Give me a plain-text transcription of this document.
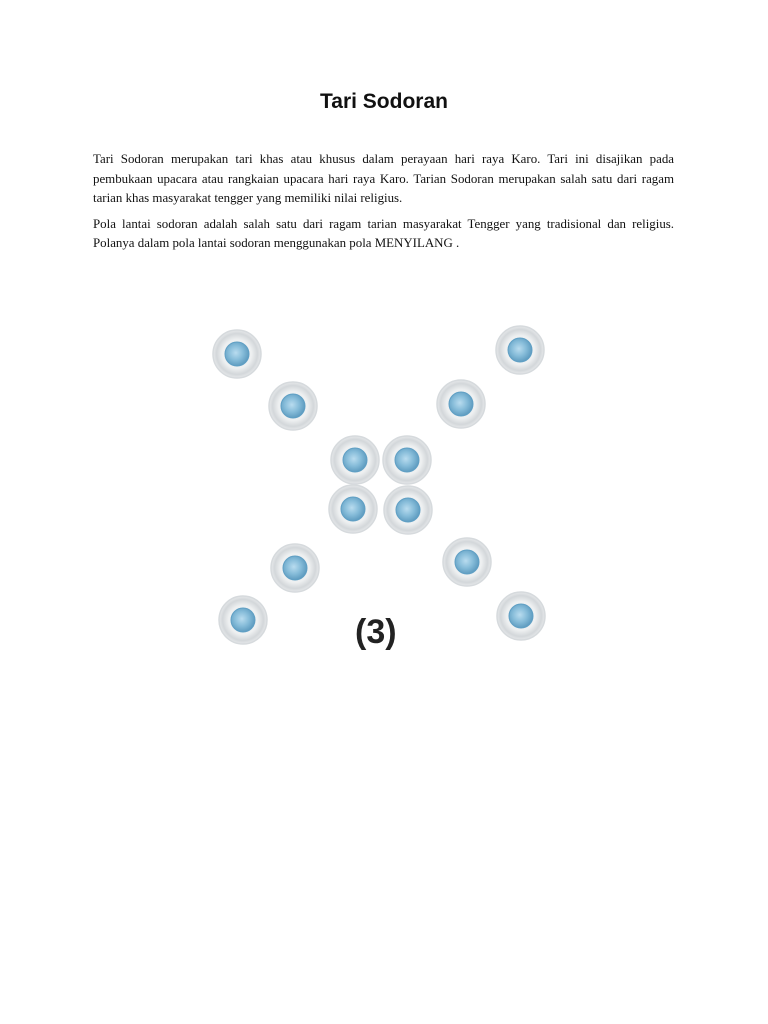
Tari Sodoran

Tari Sodoran merupakan tari khas atau khusus dalam perayaan hari raya Karo. Tari ini disajikan pada pembukaan upacara atau rangkaian upacara hari raya Karo. Tarian Sodoran merupakan salah satu dari ragam tarian khas masyarakat tengger yang memiliki nilai religius.

Pola lantai sodoran adalah salah satu dari ragam tarian masyarakat Tengger yang tradisional dan religius. Polanya dalam pola lantai sodoran menggunakan pola MENYILANG .

(3)
